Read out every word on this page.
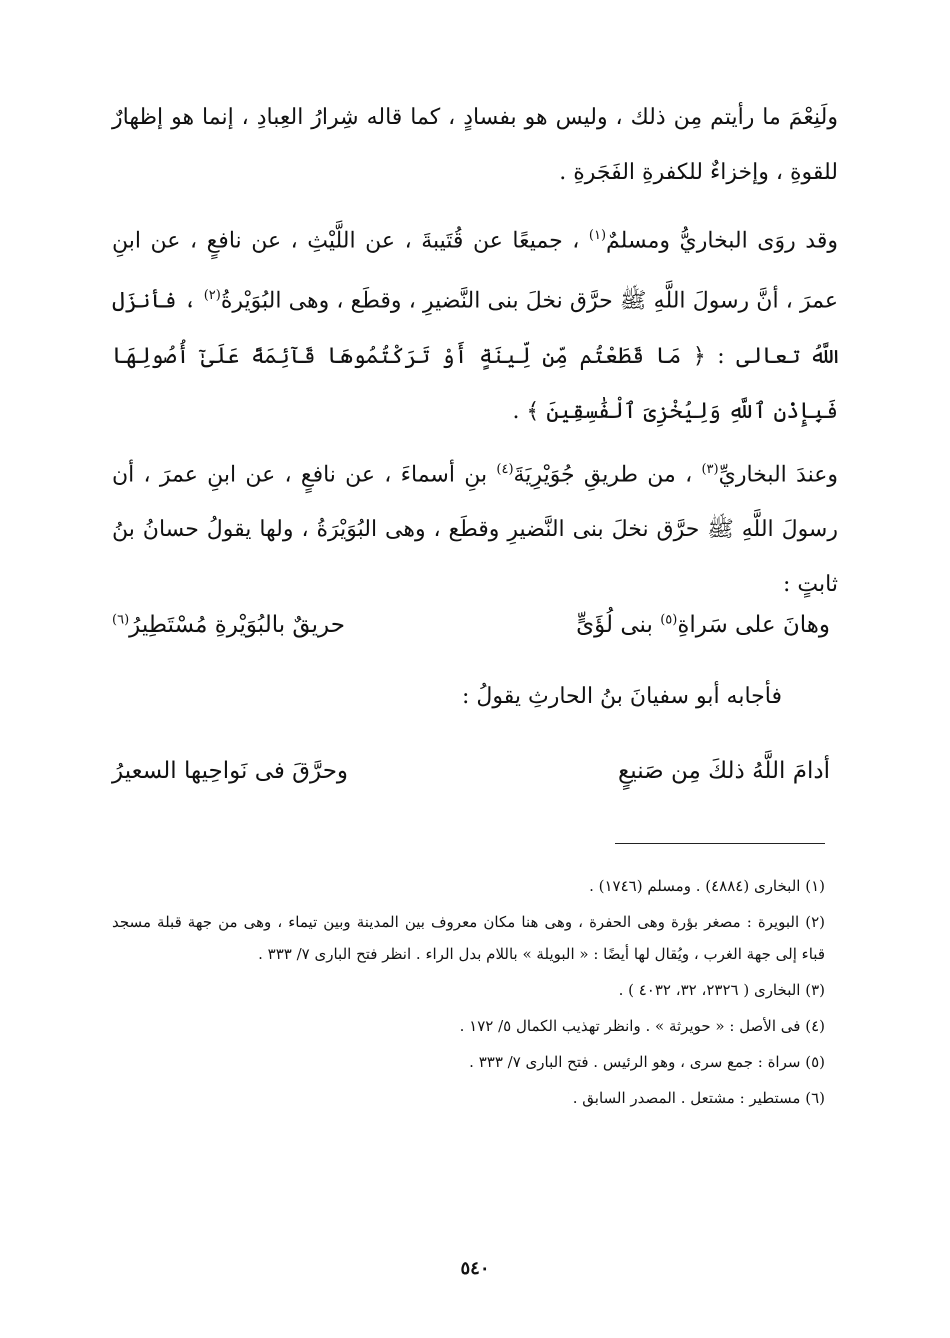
ولَنِعْمَ ما رأيتم مِن ذلك ، وليس هو بفسادٍ ، كما قاله شِرارُ العِبادِ ، إنما هو إظهارٌ للقوةِ ، وإخزاءٌ للكفرةِ الفَجَرةِ .

وقد روَى البخاريُّ ومسلمٌ$^{(١)}$ ، جميعًا عن قُتَيبةَ ، عن اللَّيْثِ ، عن نافعٍ ، عن ابنِ عمرَ ، أنَّ رسولَ اللَّهِ ﷺ حرَّق نخلَ بنى النَّضيرِ ، وقطَع ، وهى البُوَيْرةُ$^{(٢)}$ ، فأنزَل اللَّهُ تعالى : ﴿ مَا قَطَعْتُم مِّن لِّينَةٍ أَوْ تَرَكْتُمُوهَا قَآئِمَةً عَلَىٰٓ أُصُولِهَا فَبِإِذْنِ ٱللَّهِ وَلِيُخْزِىَ ٱلْفَٰسِقِينَ ﴾ .

وعندَ البخاريِّ$^{(٣)}$ ، من طريقِ جُوَيْرِيَةَ$^{(٤)}$ بنِ أسماءَ ، عن نافعٍ ، عن ابنِ عمرَ ، أن رسولَ اللَّهِ ﷺ حرَّق نخلَ بنى النَّضيرِ وقطَع ، وهى البُوَيْرَةُ ، ولها يقولُ حسانُ بنُ ثابتٍ :

وهانَ على سَراةِ$^{(٥)}$ بنى لُؤَىٍّ
حريقٌ بالبُوَيْرةِ مُسْتَطِيرُ$^{(٦)}$
فأجابه أبو سفيانَ بنُ الحارثِ يقولُ :
أدامَ اللَّهُ ذلكَ مِن صَنيعٍ
وحرَّقَ فى نَواحِيها السعيرُ

(١) البخارى (٤٨٨٤) . ومسلم (١٧٤٦) .

(٢) البويرة : مصغر بؤرة وهى الحفرة ، وهى هنا مكان معروف بين المدينة وبين تيماء ، وهى من جهة قبلة مسجد قباء إلى جهة الغرب ، ويُقال لها أيضًا : « البويلة » باللام بدل الراء . انظر فتح البارى ٧/ ٣٣٣ .

(٣) البخارى ( ٢٣٢٦، ٣٢، ٤٠٣٢ ) .

(٤) فى الأصل : « حويرثة » . وانظر تهذيب الكمال ٥/ ١٧٢ .

(٥) سراة : جمع سرى ، وهو الرئيس . فتح البارى ٧/ ٣٣٣ .

(٦) مستطير : مشتعل . المصدر السابق .

٥٤٠
